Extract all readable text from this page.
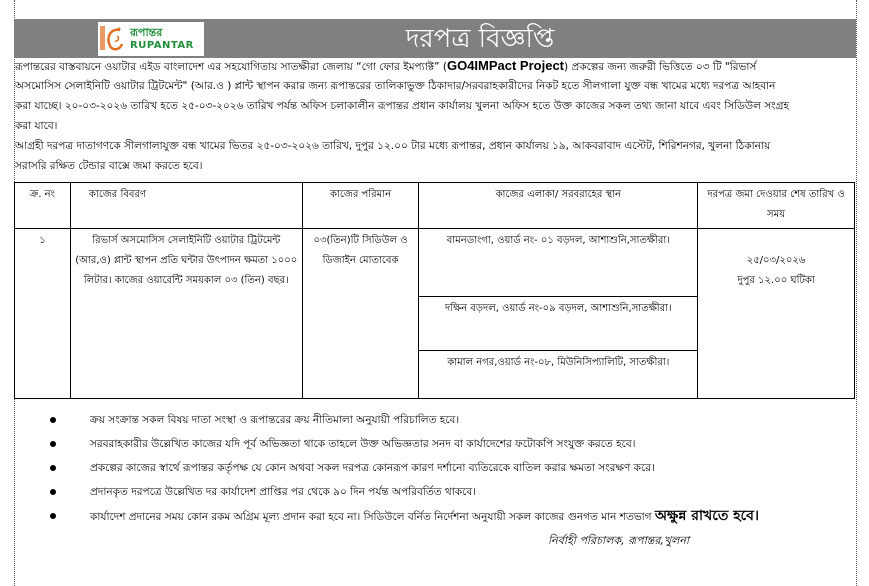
রূপান্তর
RUPANTAR	দরপত্র বিজ্ঞপ্তি
রূপান্তরের বাস্তবায়নে ওয়াটার এইড বাংলাদেশ এর সহযোগিতায় সাতক্ষীরা জেলায় “গো ফোর ইমপ্যাক্ট” (GO4IMPact Project) প্রকল্পের জন্য জরুরী ভিত্তিতে ০৩ টি "রিভার্স
অসমোসিস সেলাইনিটি ওয়াটার ট্রিটমেন্ট" (আর.ও ) প্লান্ট স্থাপন করার জন্য রূপান্তরের তালিকাভুক্ত ঠিকাদার/সরবরাহকারীদের নিকট হতে সীলগালা যুক্ত বন্ধ খামের মধ্যে দরপত্র আহবান
করা যাচ্ছে। ২০-০৩-২০২৬ তারিখ হতে ২৫-০৩-২০২৬ তারিখ পর্যন্ত অফিস চলাকালীন রূপান্তর প্রধান কার্যালয় খুলনা অফিস হতে উক্ত কাজের সকল তথ্য জানা যাবে এবং সিডিউল সংগ্রহ
করা যাবে।
আগ্রহী দরপত্র দাতাগণকে সীলগালাযুক্ত বন্ধ খামের ভিতর ২৫-০৩-২০২৬ তারিখ, দুপুর ১২.০০ টার মধ্যে রূপান্তর, প্রধান কার্যালয় ১৯, আকবরাবাদ এস্টেট, শিরিশনগর, খুলনা ঠিকানায়
সরাসরি রক্ষিত টেন্ডার বাক্সে জমা করতে হবে।
ক্র. নং	কাজের বিবরণ	কাজের পরিমান	কাজের এলাকা/ সরবরাহের স্থান	দরপত্র জমা দেওয়ার শেষ তারিখ ও সময়
১	রিভার্স অসমোসিস সেলাইনিটি ওয়াটার ট্রিটমেন্ট (আর,ও) প্লান্ট স্থাপন প্রতি ঘন্টার উৎপাদন ক্ষমতা ১০০০ লিটার। কাজের ওয়ারেন্টি সময়কাল ০৩ (তিন) বছর।	০৩(তিন)টি সিডিউল ও ডিজাইন মোতাবেক	বামনডাংগা, ওয়ার্ড নং- ০১ বড়দল, আশাশুনি,সাতক্ষীরা।	২৫/০৩/২০২৬
দুপুর ১২.০০ ঘটিকা

			দক্ষিন বড়দল, ওয়ার্ড নং-০৯ বড়দল, আশাশুনি,সাতক্ষীরা।	
			কামাল নগর,ওয়ার্ড নং-০৮, মিউনিসিপ্যালিটি, সাতক্ষীরা।	
ক্রয় সংক্রান্ত সকল বিষয় দাতা সংস্থা ও রূপান্তরের ক্রয় নীতিমালা অনুযায়ী পরিচালিত হবে।
সরবরাহকারীর উল্লেখিত কাজের যদি পূর্ব অভিজ্ঞতা থাকে তাহলে উক্ত অভিজ্ঞতার সনদ বা কার্যাদেশের ফটোকপি সংযুক্ত করতে হবে।
প্রকল্পের কাজের স্বার্থে রূপান্তর কর্তৃপক্ষ যে কোন অথবা সকল দরপত্র কোনরূপ কারণ দর্শানো ব্যতিরেকে বাতিল করার ক্ষমতা সংরক্ষণ করে।
প্রদানকৃত দরপত্রে উল্লেখিত দর কার্যাদেশ প্রাপ্তির পর থেকে ৯০ দিন পর্যন্ত অপরিবর্তিত থাকবে।
কার্যাদেশ প্রদানের সময় কোন রকম অগ্রিম মূল্য প্রদান করা হবে না। সিডিউলে বর্নিত নির্দেশনা অনুযায়ী সকল কাজের গুনগত মান শতভাগ অক্ষুন্ন রাখতে হবে।
নির্বাহী পরিচালক, রূপান্তর,খুলনা
